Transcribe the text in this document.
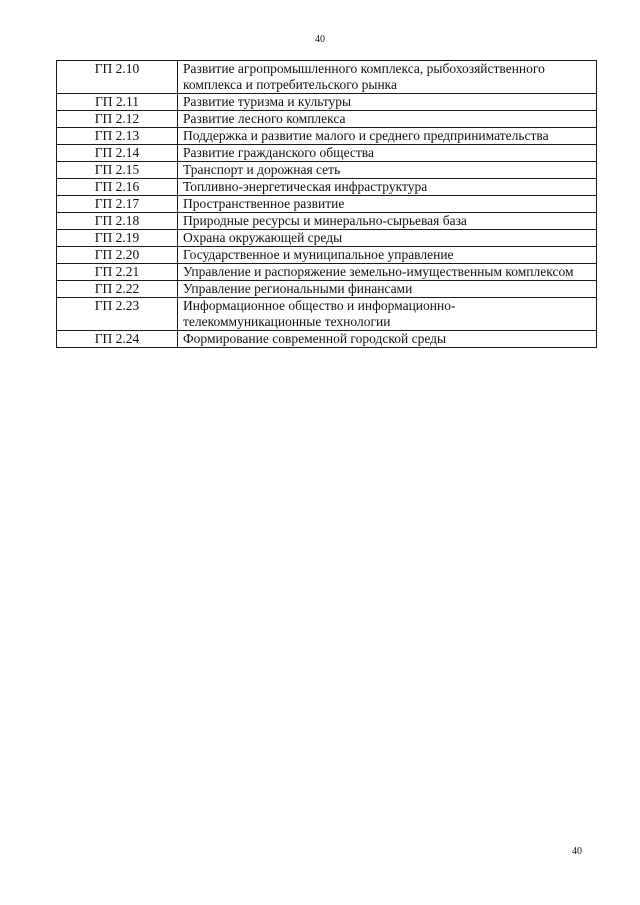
40
ГП 2.10	Развитие агропромышленного комплекса, рыбохозяйственного комплекса и потребительского рынка
ГП 2.11	Развитие туризма и культуры
ГП 2.12	Развитие лесного комплекса
ГП 2.13	Поддержка и развитие малого и среднего предпринимательства
ГП 2.14	Развитие гражданского общества
ГП 2.15	Транспорт и дорожная сеть
ГП 2.16	Топливно-энергетическая инфраструктура
ГП 2.17	Пространственное развитие
ГП 2.18	Природные ресурсы и минерально-сырьевая база
ГП 2.19	Охрана окружающей среды
ГП 2.20	Государственное и муниципальное управление
ГП 2.21	Управление и распоряжение земельно-имущественным комплексом
ГП 2.22	Управление региональными финансами
ГП 2.23	Информационное общество и информационно-телекоммуникационные технологии
ГП 2.24	Формирование современной городской среды
40
